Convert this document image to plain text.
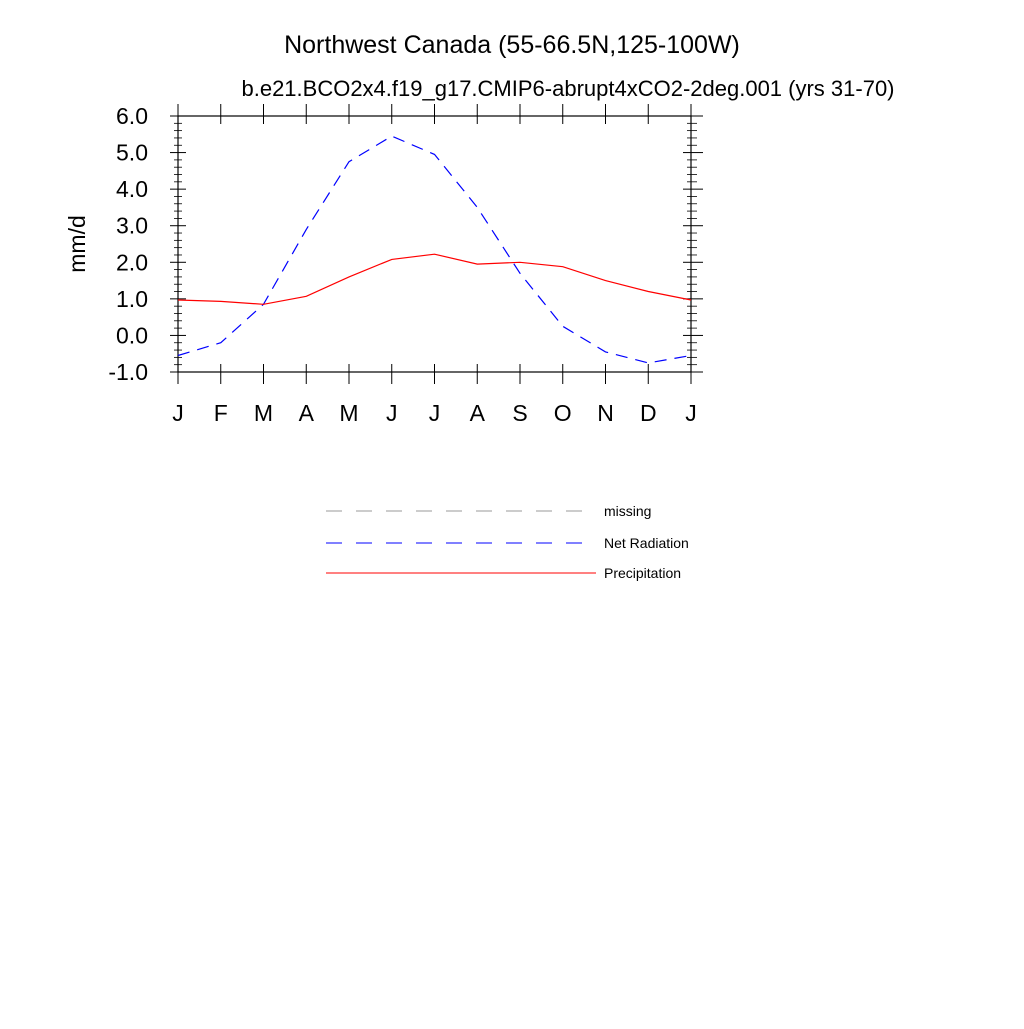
Northwest Canada (55-66.5N,125-100W)
b.e21.BCO2x4.f19_g17.CMIP6-abrupt4xCO2-2deg.001 (yrs 31-70)
mm/d
-1.0
0.0
1.0
2.0
3.0
4.0
5.0
6.0
J F M A M J J A S O N D J
missing
Net Radiation
Precipitation
